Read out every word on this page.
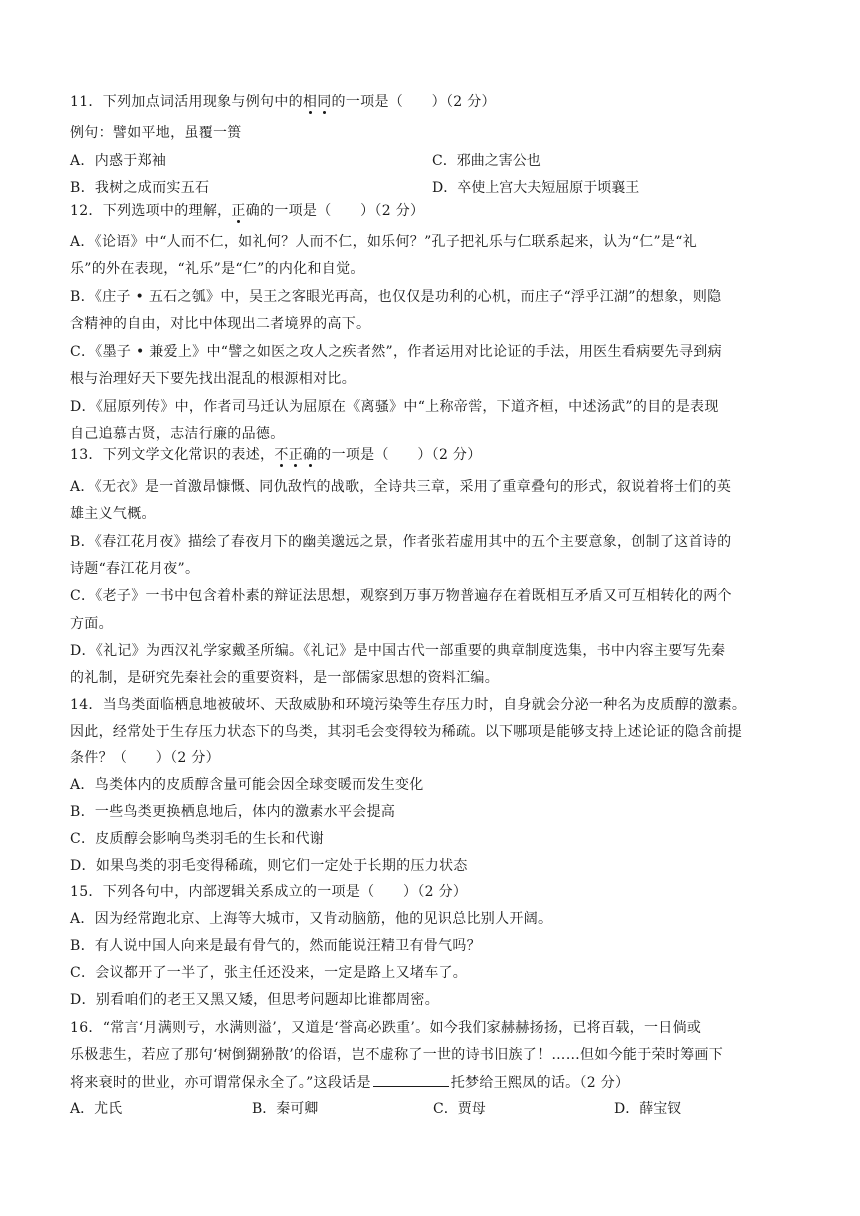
11．下列加点词活用现象与例句中的相同的一项是（　　）（2 分）
例句：譬如平地，虽覆一篑
A．内惑于郑袖	C．邪曲之害公也
B．我树之成而实五石	D．卒使上宫大夫短屈原于顷襄王
12．下列选项中的理解，正确的一项是（　　）（2 分）
A．《论语》中“人而不仁，如礼何？人而不仁，如乐何？”孔子把礼乐与仁联系起来，认为“仁”是“礼
乐”的外在表现，“礼乐”是“仁”的内化和自觉。
B．《庄子 • 五石之瓠》中，吴王之客眼光再高，也仅仅是功利的心机，而庄子“浮乎江湖”的想象，则隐
含精神的自由，对比中体现出二者境界的高下。
C．《墨子 • 兼爱上》中“譬之如医之攻人之疾者然”，作者运用对比论证的手法，用医生看病要先寻到病
根与治理好天下要先找出混乱的根源相对比。
D．《屈原列传》中，作者司马迁认为屈原在《离骚》中“上称帝喾，下道齐桓，中述汤武”的目的是表现
自己追慕古贤，志洁行廉的品德。
13．下列文学文化常识的表述，不正确的一项是（　　）（2 分）
A．《无衣》是一首激昂慷慨、同仇敌忾的战歌，全诗共三章，采用了重章叠句的形式，叙说着将士们的英
雄主义气概。
B．《春江花月夜》描绘了春夜月下的幽美邈远之景，作者张若虚用其中的五个主要意象，创制了这首诗的
诗题“春江花月夜”。
C．《老子》一书中包含着朴素的辩证法思想，观察到万事万物普遍存在着既相互矛盾又可互相转化的两个
方面。
D．《礼记》为西汉礼学家戴圣所编。《礼记》是中国古代一部重要的典章制度选集，书中内容主要写先秦
的礼制，是研究先秦社会的重要资料，是一部儒家思想的资料汇编。
14．当鸟类面临栖息地被破坏、天敌威胁和环境污染等生存压力时，自身就会分泌一种名为皮质醇的激素。
因此，经常处于生存压力状态下的鸟类，其羽毛会变得较为稀疏。以下哪项是能够支持上述论证的隐含前提
条件？（　　）（2 分）
A．鸟类体内的皮质醇含量可能会因全球变暖而发生变化
B．一些鸟类更换栖息地后，体内的激素水平会提高
C．皮质醇会影响鸟类羽毛的生长和代谢
D．如果鸟类的羽毛变得稀疏，则它们一定处于长期的压力状态
15．下列各句中，内部逻辑关系成立的一项是（　　）（2 分）
A．因为经常跑北京、上海等大城市，又肯动脑筋，他的见识总比别人开阔。
B．有人说中国人向来是最有骨气的，然而能说汪精卫有骨气吗？
C．会议都开了一半了，张主任还没来，一定是路上又堵车了。
D．别看咱们的老王又黑又矮，但思考问题却比谁都周密。
16．“常言‘月满则亏，水满则溢’，又道是‘誉高必跌重’。如今我们家赫赫扬扬，已将百载，一日倘或
乐极悲生，若应了那句‘树倒猢狲散’的俗语，岂不虚称了一世的诗书旧族了！……但如今能于荣时筹画下
将来衰时的世业，亦可谓常保永全了。”这段话是	托梦给王熙凤的话。（2 分）
A．尤氏	B．秦可卿	C．贾母	D．薛宝钗
